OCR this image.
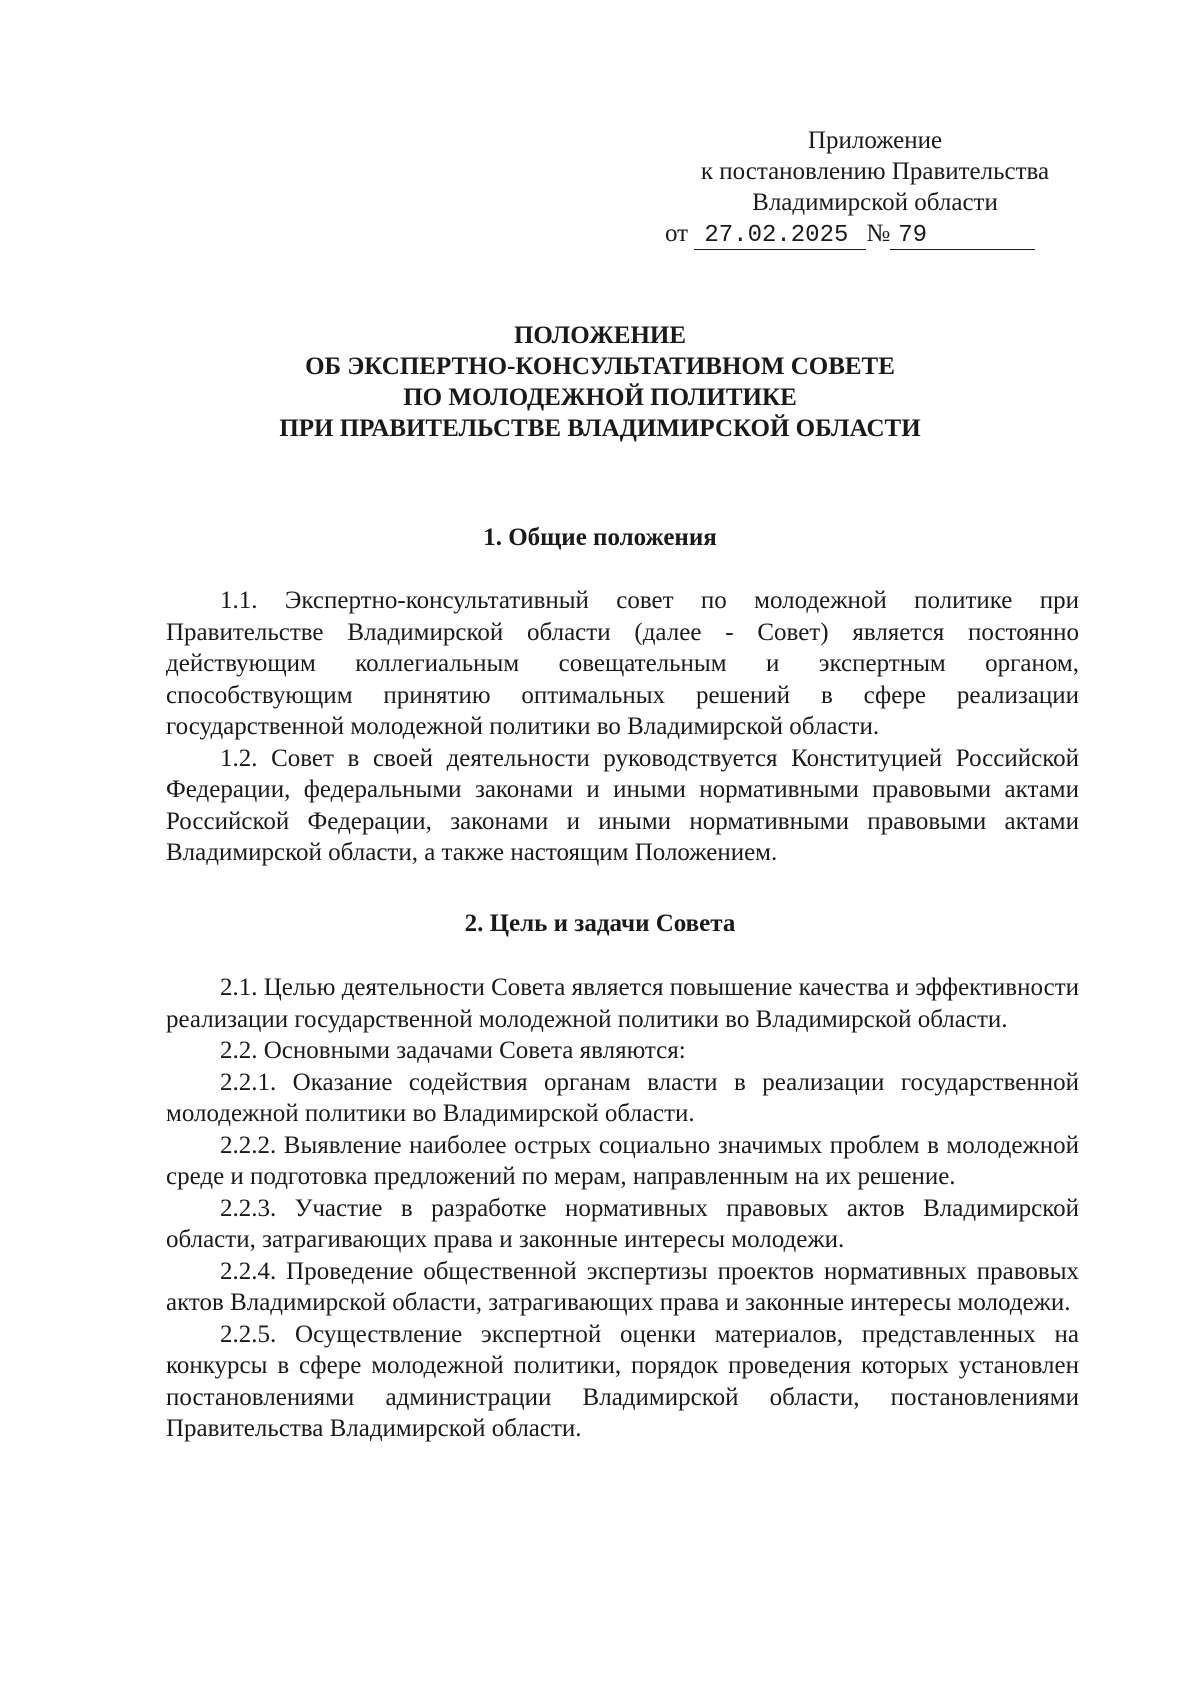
Приложение
к постановлению Правительства
Владимирской области
от 27.02.2025 № 79
ПОЛОЖЕНИЕ
ОБ ЭКСПЕРТНО-КОНСУЛЬТАТИВНОМ СОВЕТЕ
ПО МОЛОДЕЖНОЙ ПОЛИТИКЕ
ПРИ ПРАВИТЕЛЬСТВЕ ВЛАДИМИРСКОЙ ОБЛАСТИ
1. Общие положения

1.1. Экспертно-консультативный совет по молодежной политике при Правительстве Владимирской области (далее - Совет) является постоянно действующим коллегиальным совещательным и экспертным органом, способствующим принятию оптимальных решений в сфере реализации государственной молодежной политики во Владимирской области.

1.2. Совет в своей деятельности руководствуется Конституцией Российской Федерации, федеральными законами и иными нормативными правовыми актами Российской Федерации, законами и иными нормативными правовыми актами Владимирской области, а также настоящим Положением.

2. Цель и задачи Совета

2.1. Целью деятельности Совета является повышение качества и эффективности реализации государственной молодежной политики во Владимирской области.

2.2. Основными задачами Совета являются:

2.2.1. Оказание содействия органам власти в реализации государственной молодежной политики во Владимирской области.

2.2.2. Выявление наиболее острых социально значимых проблем в молодежной среде и подготовка предложений по мерам, направленным на их решение.

2.2.3. Участие в разработке нормативных правовых актов Владимирской области, затрагивающих права и законные интересы молодежи.

2.2.4. Проведение общественной экспертизы проектов нормативных правовых актов Владимирской области, затрагивающих права и законные интересы молодежи.

2.2.5. Осуществление экспертной оценки материалов, представленных на конкурсы в сфере молодежной политики, порядок проведения которых установлен постановлениями администрации Владимирской области, постановлениями Правительства Владимирской области.
